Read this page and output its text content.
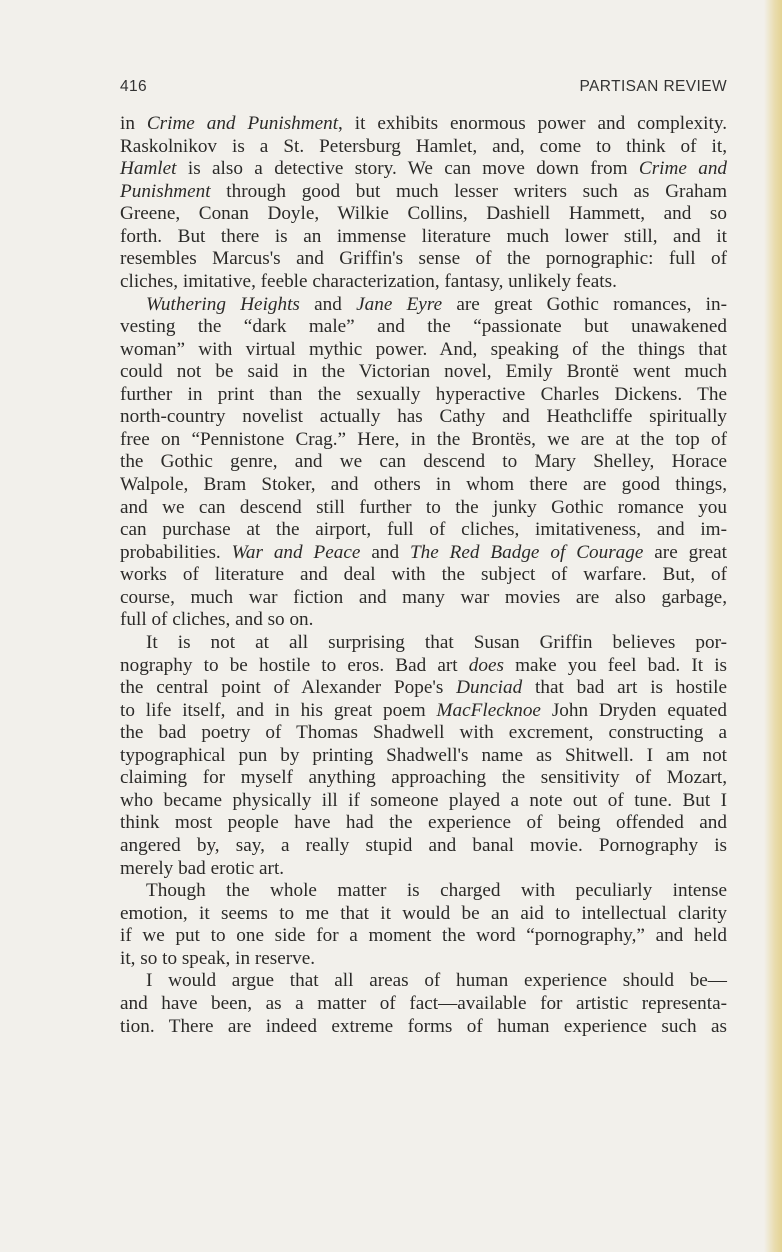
416	PARTISAN REVIEW
in Crime and Punishment, it exhibits enormous power and complexity.
Raskolnikov is a St. Petersburg Hamlet, and, come to think of it,
Hamlet is also a detective story. We can move down from Crime and
Punishment through good but much lesser writers such as Graham
Greene, Conan Doyle, Wilkie Collins, Dashiell Hammett, and so
forth. But there is an immense literature much lower still, and it
resembles Marcus's and Griffin's sense of the pornographic: full of
cliches, imitative, feeble characterization, fantasy, unlikely feats.
Wuthering Heights and Jane Eyre are great Gothic romances, in-
vesting the “dark male” and the “passionate but unawakened
woman” with virtual mythic power. And, speaking of the things that
could not be said in the Victorian novel, Emily Brontë went much
further in print than the sexually hyperactive Charles Dickens. The
north-country novelist actually has Cathy and Heathcliffe spiritually
free on “Pennistone Crag.” Here, in the Brontës, we are at the top of
the Gothic genre, and we can descend to Mary Shelley, Horace
Walpole, Bram Stoker, and others in whom there are good things,
and we can descend still further to the junky Gothic romance you
can purchase at the airport, full of cliches, imitativeness, and im-
probabilities. War and Peace and The Red Badge of Courage are great
works of literature and deal with the subject of warfare. But, of
course, much war fiction and many war movies are also garbage,
full of cliches, and so on.
It is not at all surprising that Susan Griffin believes por-
nography to be hostile to eros. Bad art does make you feel bad. It is
the central point of Alexander Pope's Dunciad that bad art is hostile
to life itself, and in his great poem MacFlecknoe John Dryden equated
the bad poetry of Thomas Shadwell with excrement, constructing a
typographical pun by printing Shadwell's name as Shitwell. I am not
claiming for myself anything approaching the sensitivity of Mozart,
who became physically ill if someone played a note out of tune. But I
think most people have had the experience of being offended and
angered by, say, a really stupid and banal movie. Pornography is
merely bad erotic art.
Though the whole matter is charged with peculiarly intense
emotion, it seems to me that it would be an aid to intellectual clarity
if we put to one side for a moment the word “pornography,” and held
it, so to speak, in reserve.
I would argue that all areas of human experience should be—
and have been, as a matter of fact—available for artistic representa-
tion. There are indeed extreme forms of human experience such as
